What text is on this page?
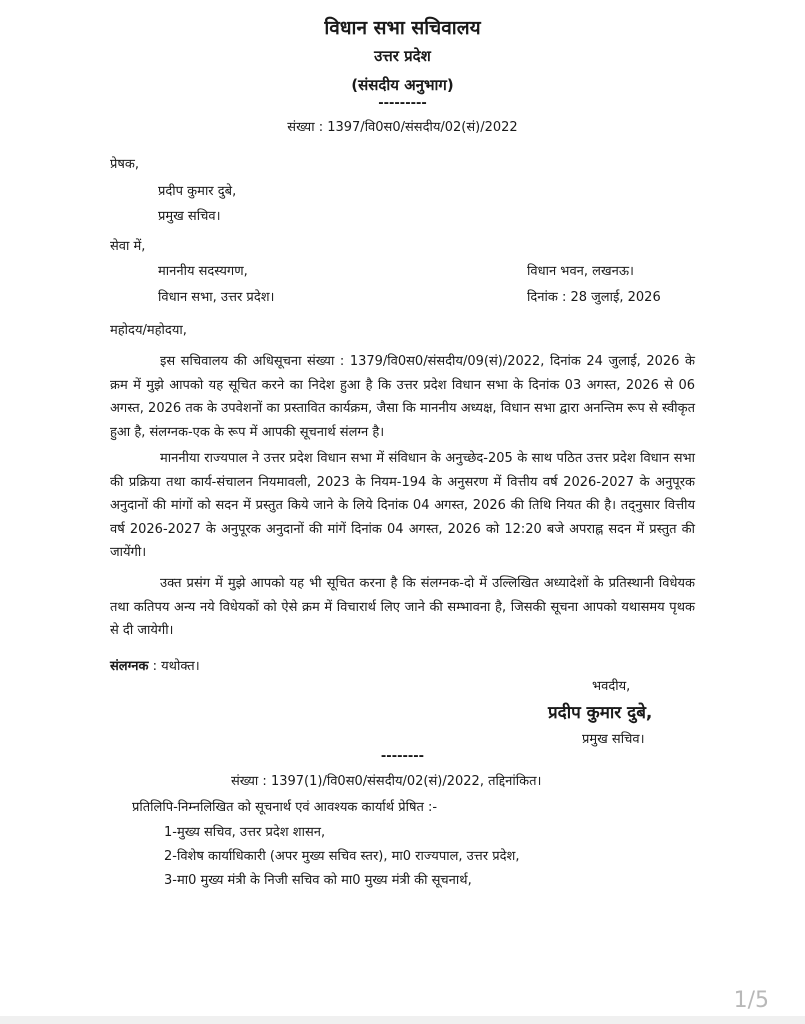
विधान सभा सचिवालय
उत्तर प्रदेश
(संसदीय अनुभाग)
---------
संख्या : 1397/वि0स0/संसदीय/02(सं)/2022
प्रेषक,
प्रदीप कुमार दुबे,
प्रमुख सचिव।
सेवा में,
माननीय सदस्यगण,
विधान सभा, उत्तर प्रदेश।
विधान भवन, लखनऊ।
दिनांक : 28 जुलाई, 2026
महोदय/महोदया,
इस सचिवालय की अधिसूचना संख्या : 1379/वि0स0/संसदीय/09(सं)/2022, दिनांक 24 जुलाई, 2026 के क्रम में मुझे आपको यह सूचित करने का निदेश हुआ है कि उत्तर प्रदेश विधान सभा के दिनांक 03 अगस्त, 2026 से 06 अगस्त, 2026 तक के उपवेशनों का प्रस्तावित कार्यक्रम, जैसा कि माननीय अध्यक्ष, विधान सभा द्वारा अनन्तिम रूप से स्वीकृत हुआ है, संलग्नक-एक के रूप में आपकी सूचनार्थ संलग्न है।
माननीया राज्यपाल ने उत्तर प्रदेश विधान सभा में संविधान के अनुच्छेद-205 के साथ पठित उत्तर प्रदेश विधान सभा की प्रक्रिया तथा कार्य-संचालन नियमावली, 2023 के नियम-194 के अनुसरण में वित्तीय वर्ष 2026-2027 के अनुपूरक अनुदानों की मांगों को सदन में प्रस्तुत किये जाने के लिये दिनांक 04 अगस्त, 2026 की तिथि नियत की है। तद्नुसार वित्तीय वर्ष 2026-2027 के अनुपूरक अनुदानों की मांगें दिनांक 04 अगस्त, 2026 को 12:20 बजे अपराह्न सदन में प्रस्तुत की जायेंगी।
उक्त प्रसंग में मुझे आपको यह भी सूचित करना है कि संलग्नक-दो में उल्लिखित अध्यादेशों के प्रतिस्थानी विधेयक तथा कतिपय अन्य नये विधेयकों को ऐसे क्रम में विचारार्थ लिए जाने की सम्भावना है, जिसकी सूचना आपको यथासमय पृथक से दी जायेगी।
संलग्नक : यथोक्त।
भवदीय,
प्रदीप कुमार दुबे,
प्रमुख सचिव।
--------
संख्या : 1397(1)/वि0स0/संसदीय/02(सं)/2022, तद्दिनांकित।
प्रतिलिपि-निम्नलिखित को सूचनार्थ एवं आवश्यक कार्यार्थ प्रेषित :-
1-मुख्य सचिव, उत्तर प्रदेश शासन,
2-विशेष कार्याधिकारी (अपर मुख्य सचिव स्तर), मा0 राज्यपाल, उत्तर प्रदेश,
3-मा0 मुख्य मंत्री के निजी सचिव को मा0 मुख्य मंत्री की सूचनार्थ,
1/5
